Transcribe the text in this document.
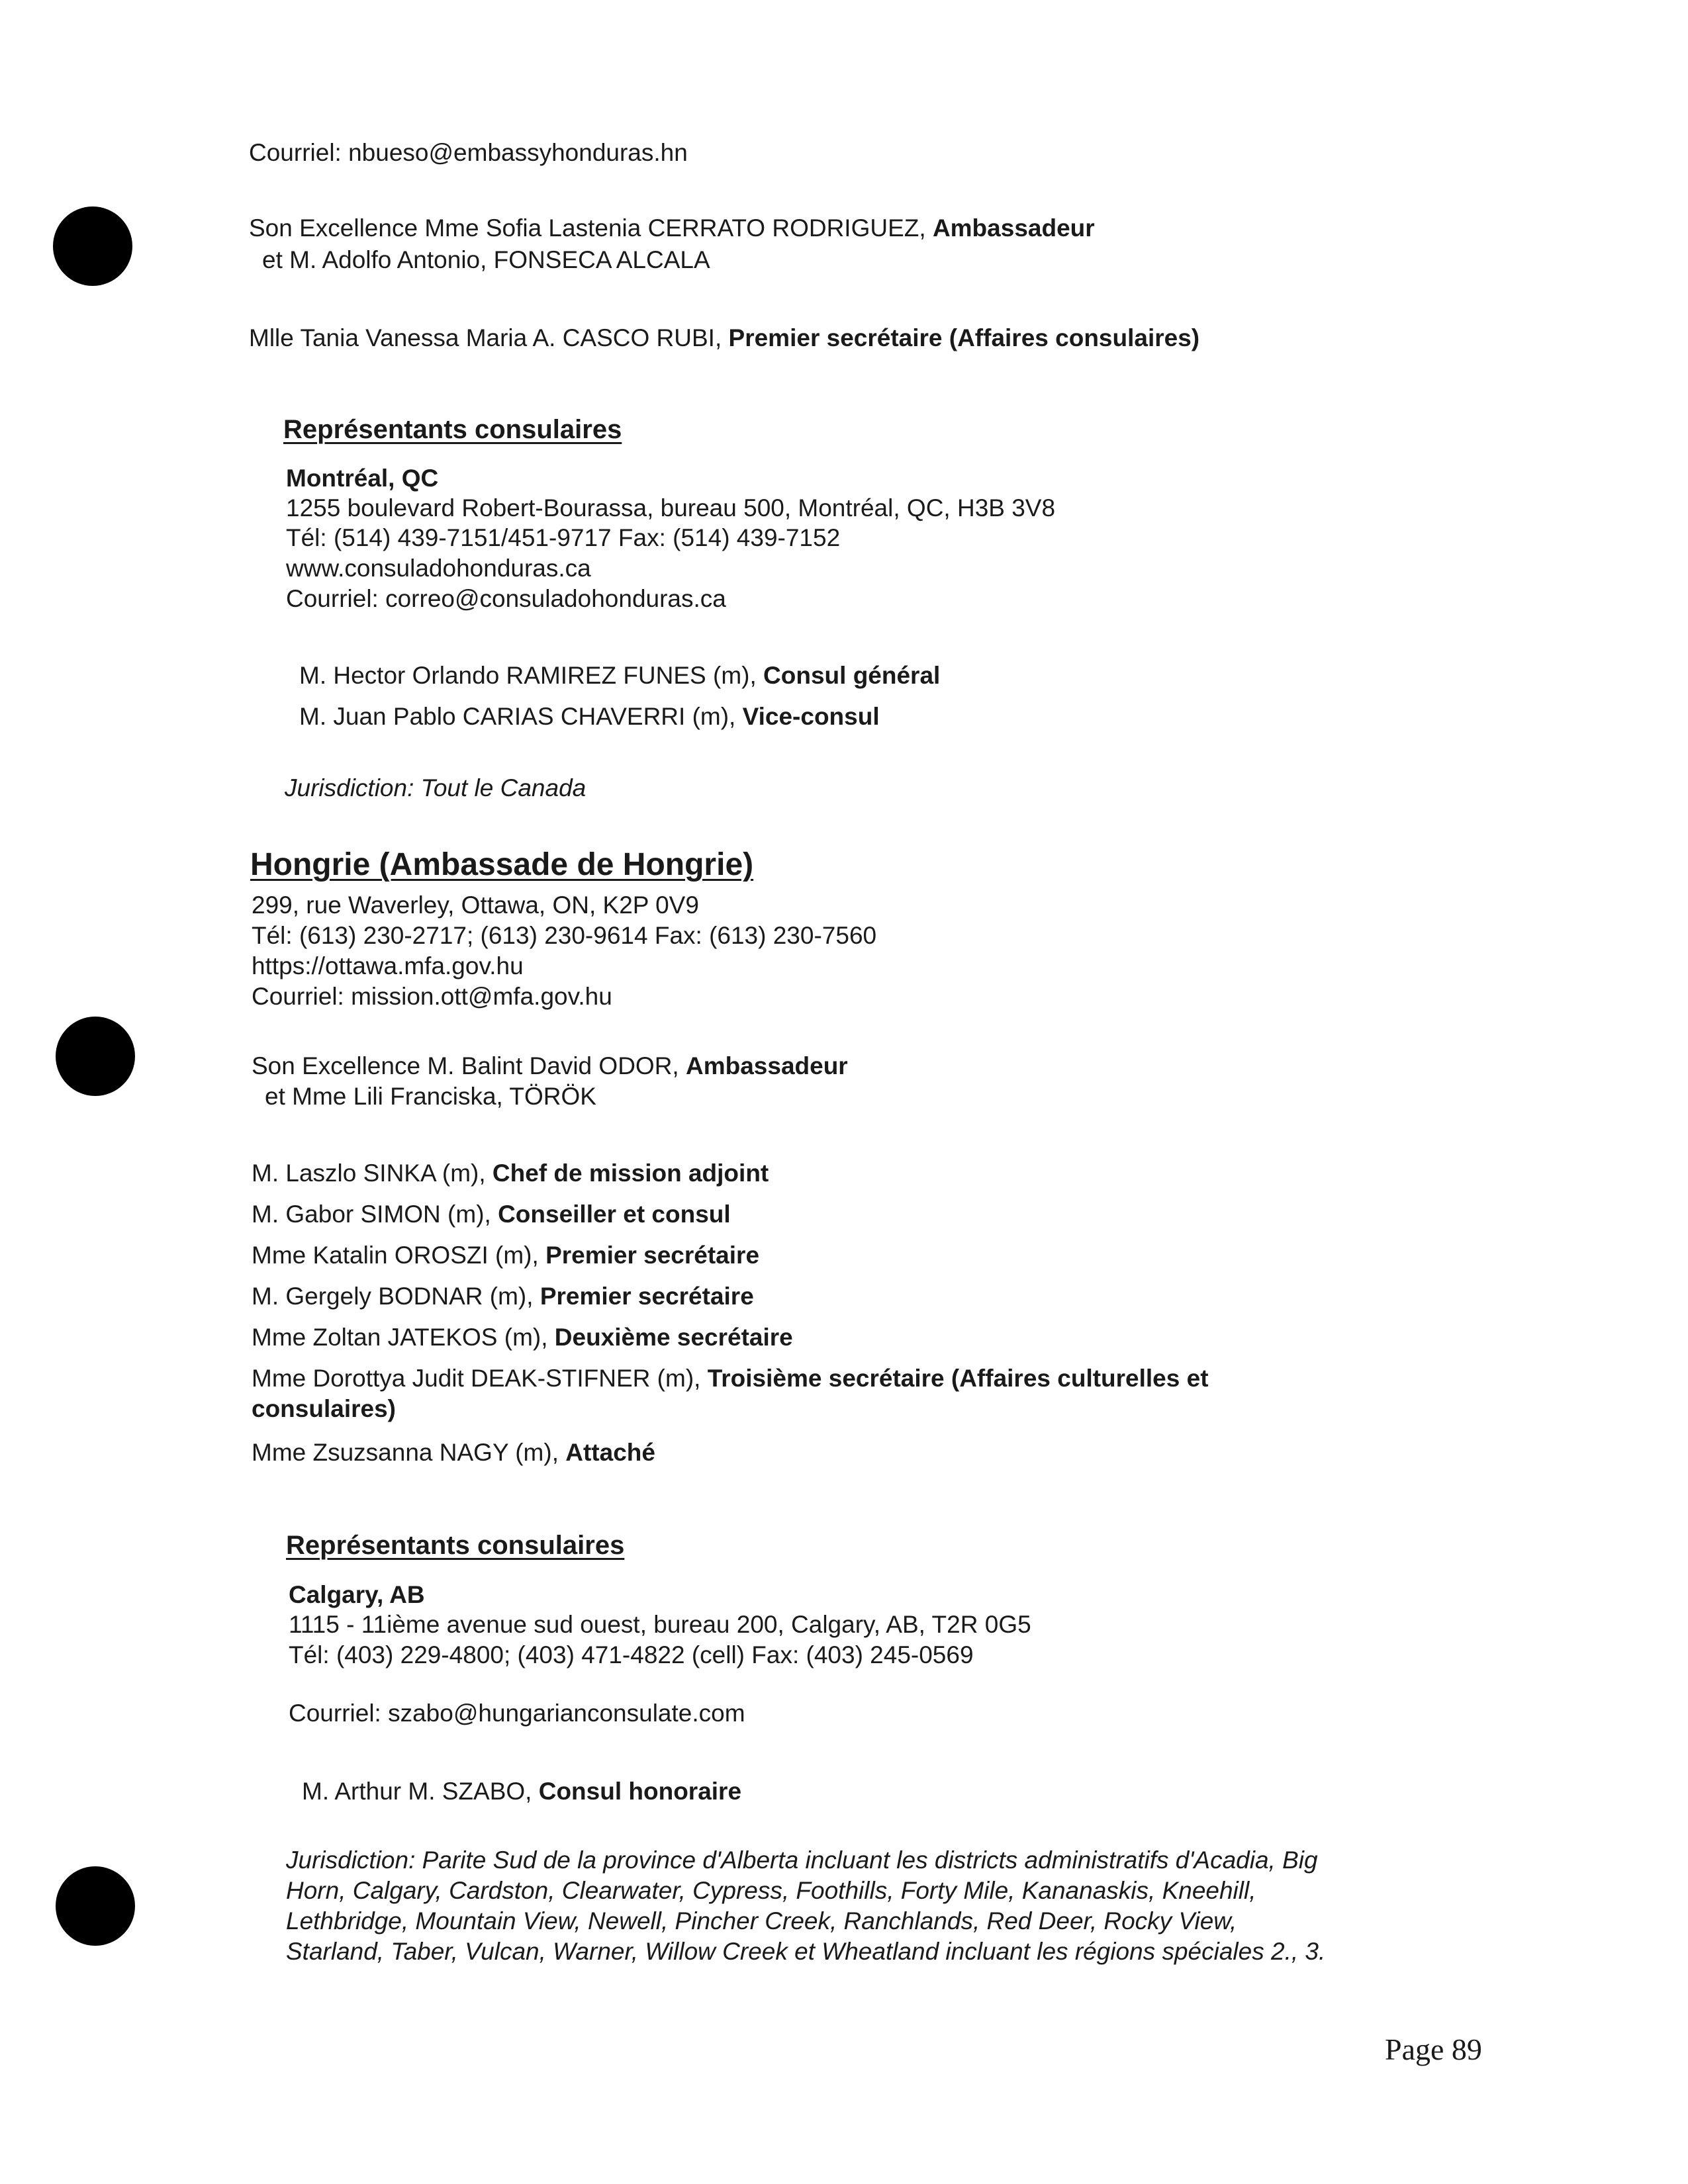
Courriel: nbueso@embassyhonduras.hn
Son Excellence Mme Sofia Lastenia CERRATO RODRIGUEZ, Ambassadeur
et M. Adolfo Antonio, FONSECA ALCALA
Mlle Tania Vanessa Maria A. CASCO RUBI, Premier secrétaire (Affaires consulaires)
Représentants consulaires
Montréal, QC
1255 boulevard Robert-Bourassa, bureau 500, Montréal, QC, H3B 3V8
Tél: (514) 439-7151/451-9717 Fax: (514) 439-7152
www.consuladohonduras.ca
Courriel: correo@consuladohonduras.ca
M. Hector Orlando RAMIREZ FUNES (m), Consul général
M. Juan Pablo CARIAS CHAVERRI (m), Vice-consul
Jurisdiction: Tout le Canada
Hongrie (Ambassade de Hongrie)
299, rue Waverley, Ottawa, ON, K2P 0V9
Tél: (613) 230-2717; (613) 230-9614 Fax: (613) 230-7560
https://ottawa.mfa.gov.hu
Courriel: mission.ott@mfa.gov.hu
Son Excellence M. Balint David ODOR, Ambassadeur
et Mme Lili Franciska, TÖRÖK
M. Laszlo SINKA (m), Chef de mission adjoint
M. Gabor SIMON (m), Conseiller et consul
Mme Katalin OROSZI (m), Premier secrétaire
M. Gergely BODNAR (m), Premier secrétaire
Mme Zoltan JATEKOS (m), Deuxième secrétaire
Mme Dorottya Judit DEAK-STIFNER (m), Troisième secrétaire (Affaires culturelles et
consulaires)
Mme Zsuzsanna NAGY (m), Attaché
Représentants consulaires
Calgary, AB
1115 - 11ième avenue sud ouest, bureau 200, Calgary, AB, T2R 0G5
Tél: (403) 229-4800; (403) 471-4822 (cell) Fax: (403) 245-0569
Courriel: szabo@hungarianconsulate.com
M. Arthur M. SZABO, Consul honoraire
Jurisdiction: Parite Sud de la province d'Alberta incluant les districts administratifs d'Acadia, Big
Horn, Calgary, Cardston, Clearwater, Cypress, Foothills, Forty Mile, Kananaskis, Kneehill,
Lethbridge, Mountain View, Newell, Pincher Creek, Ranchlands, Red Deer, Rocky View,
Starland, Taber, Vulcan, Warner, Willow Creek et Wheatland incluant les régions spéciales 2., 3.
Page 89
